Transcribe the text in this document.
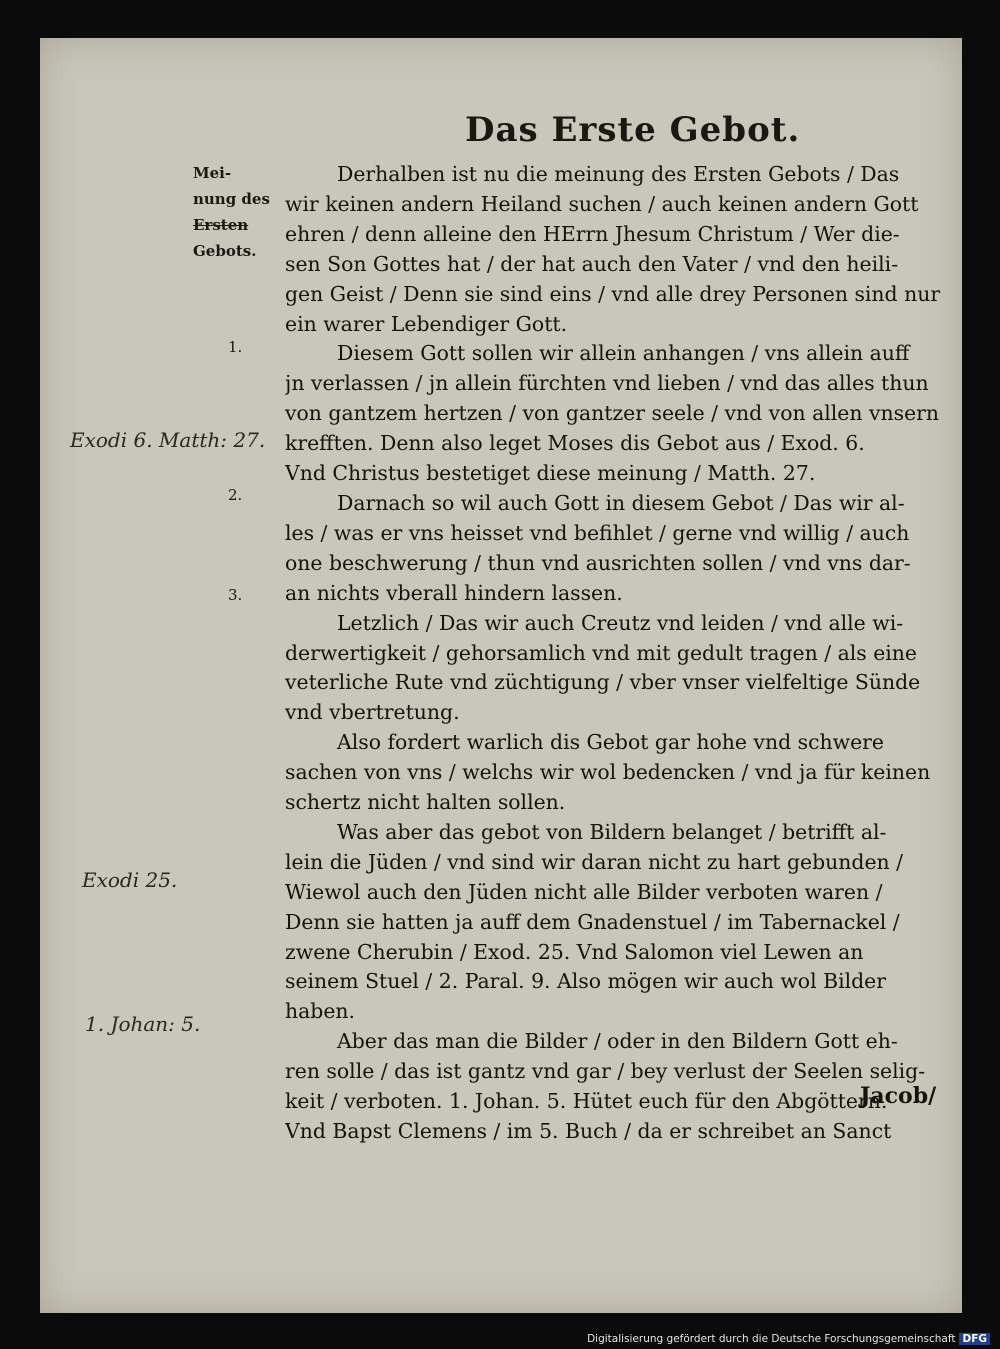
Das Erste Gebot.
Mei-
nung des
Ersten
Gebots.
1.
2.
3.
Exodi 6. Matth: 27.
Exodi 25.
1. Johan: 5.
Derhalben ist nu die meinung des Ersten Gebots / Das
wir keinen andern Heiland suchen / auch keinen andern Gott
ehren / denn alleine den HErrn Jhesum Christum / Wer die-
sen Son Gottes hat / der hat auch den Vater / vnd den heili-
gen Geist / Denn sie sind eins / vnd alle drey Personen sind nur
ein warer Lebendiger Gott.
Diesem Gott sollen wir allein anhangen / vns allein auff
jn verlassen / jn allein fürchten vnd lieben / vnd das alles thun
von gantzem hertzen / von gantzer seele / vnd von allen vnsern
krefften. Denn also leget Moses dis Gebot aus / Exod. 6.
Vnd Christus bestetiget diese meinung / Matth. 27.
Darnach so wil auch Gott in diesem Gebot / Das wir al-
les / was er vns heisset vnd befihlet / gerne vnd willig / auch
one beschwerung / thun vnd ausrichten sollen / vnd vns dar-
an nichts vberall hindern lassen.
Letzlich / Das wir auch Creutz vnd leiden / vnd alle wi-
derwertigkeit / gehorsamlich vnd mit gedult tragen / als eine
veterliche Rute vnd züchtigung / vber vnser vielfeltige Sünde
vnd vbertretung.
Also fordert warlich dis Gebot gar hohe vnd schwere
sachen von vns / welchs wir wol bedencken / vnd ja für keinen
schertz nicht halten sollen.
Was aber das gebot von Bildern belanget / betrifft al-
lein die Jüden / vnd sind wir daran nicht zu hart gebunden /
Wiewol auch den Jüden nicht alle Bilder verboten waren /
Denn sie hatten ja auff dem Gnadenstuel / im Tabernackel /
zwene Cherubin / Exod. 25. Vnd Salomon viel Lewen an
seinem Stuel / 2. Paral. 9. Also mögen wir auch wol Bilder
haben.
Aber das man die Bilder / oder in den Bildern Gott eh-
ren solle / das ist gantz vnd gar / bey verlust der Seelen selig-
keit / verboten. 1. Johan. 5. Hütet euch für den Abgöttern.
Vnd Bapst Clemens / im 5. Buch / da er schreibet an Sanct
Jacob/
Digitalisierung gefördert durch die Deutsche Forschungsgemeinschaft DFG
